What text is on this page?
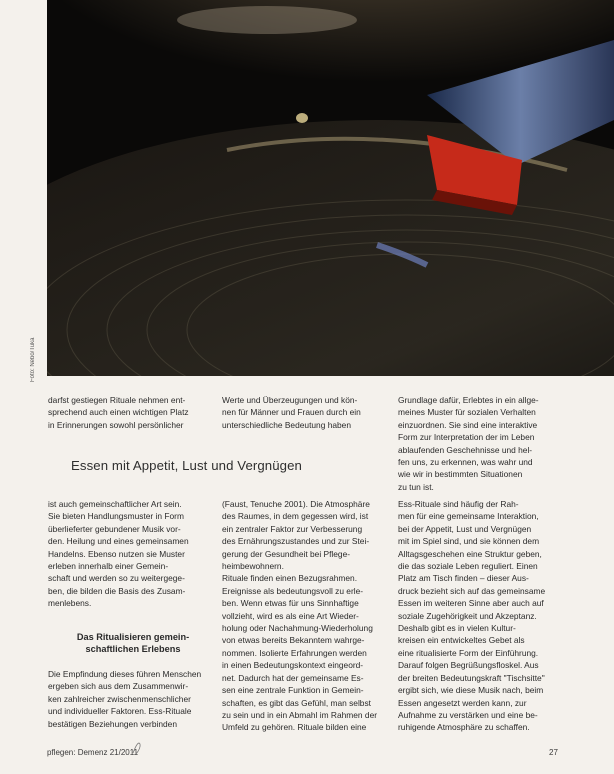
Foto: Nebo/Tuka

darfst gestiegen Rituale nehmen ent-

sprechend auch einen wichtigen Platz

in Erinnerungen sowohl persönlicher

Werte und Überzeugungen und kön-

nen für Männer und Frauen durch ein

unterschiedliche Bedeutung haben

Grundlage dafür, Erlebtes in ein allge-

meines Muster für sozialen Verhalten

einzuordnen. Sie sind eine interaktive

Form zur Interpretation der im Leben

ablaufenden Geschehnisse und hel-

fen uns, zu erkennen, was wahr und

wie wir in bestimmten Situationen

zu tun ist.

Essen mit Appetit, Lust und Vergnügen

ist auch gemeinschaftlicher Art sein.

Sie bieten Handlungsmuster in Form

überlieferter gebundener Musik vor-

den. Heilung und eines gemeinsamen

Handelns. Ebenso nutzen sie Muster

erleben innerhalb einer Gemein-

schaft und werden so zu weitergege-

ben, die bilden die Basis des Zusam-

menlebens.

Das Ritualisieren gemein-
schaftlichen Erlebens

Die Empfindung dieses führen Menschen

ergeben sich aus dem Zusammenwir-

ken zahlreicher zwischenmenschlicher

und individueller Faktoren. Ess-Rituale

bestätigen Beziehungen verbinden

(Faust, Tenuche 2001). Die Atmosphäre

des Raumes, in dem gegessen wird, ist

ein zentraler Faktor zur Verbesserung

des Ernährungszustandes und zur Stei-

gerung der Gesundheit bei Pflege-

heimbewohnern.

Rituale finden einen Bezugsrahmen.

Ereignisse als bedeutungsvoll zu erle-

ben. Wenn etwas für uns Sinnhaftige

vollzieht, wird es als eine Art Wieder-

holung oder Nachahmung-Wiederholung

von etwas bereits Bekanntem wahrge-

nommen. Isolierte Erfahrungen werden

in einen Bedeutungskontext eingeord-

net. Dadurch hat der gemeinsame Es-

sen eine zentrale Funktion in Gemein-

schaften, es gibt das Gefühl, man selbst

zu sein und in ein Abmahl im Rahmen der

Umfeld zu gehören. Rituale bilden eine

Ess-Rituale sind häufig der Rah-

men für eine gemeinsame Interaktion,

bei der Appetit, Lust und Vergnügen

mit im Spiel sind, und sie können dem

Alltagsgeschehen eine Struktur geben,

die das soziale Leben reguliert. Einen

Platz am Tisch finden – dieser Aus-

druck bezieht sich auf das gemeinsame

Essen im weiteren Sinne aber auch auf

soziale Zugehörigkeit und Akzeptanz.

Deshalb gibt es in vielen Kultur-

kreisen ein entwickeltes Gebet als

eine ritualisierte Form der Einführung.

Darauf folgen Begrüßungsfloskel. Aus

der breiten Bedeutungskraft "Tischsitte"

ergibt sich, wie diese Musik nach, beim

Essen angesetzt werden kann, zur

Aufnahme zu verstärken und eine be-

ruhigende Atmosphäre zu schaffen.

pflegen: Demenz 21/2011	27
